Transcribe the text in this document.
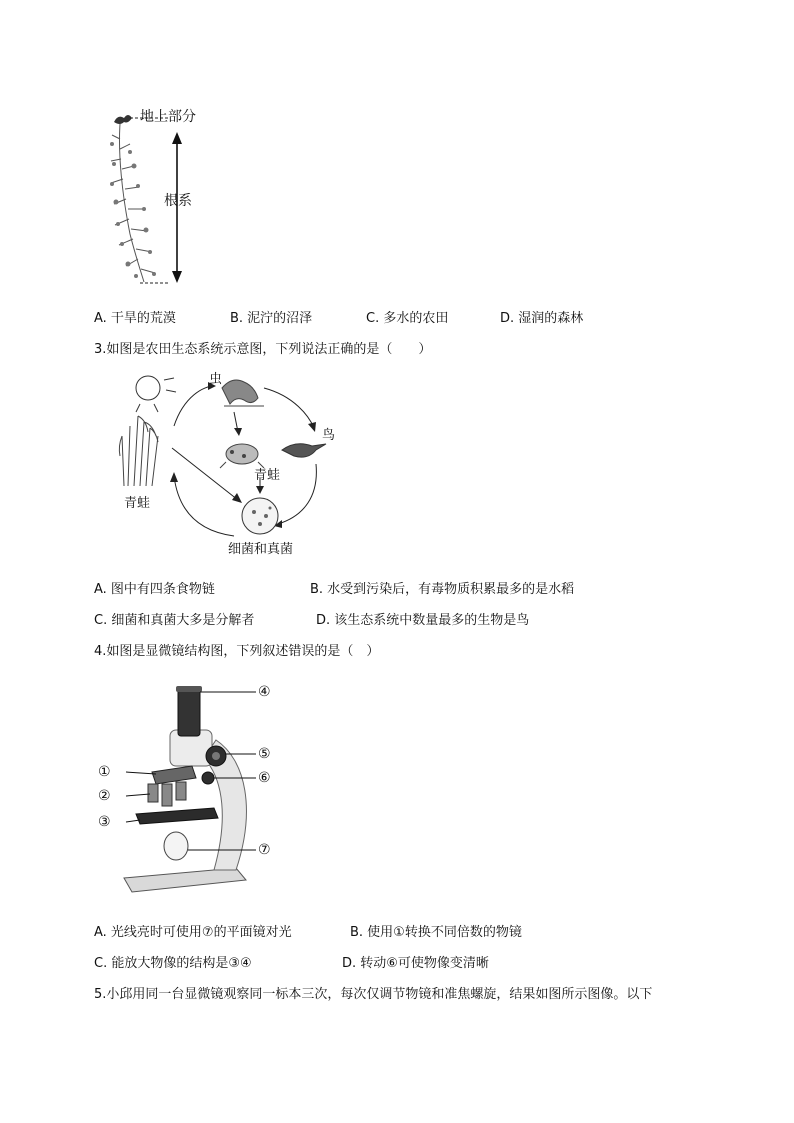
地上部分
根系
A. 干旱的荒漠	B. 泥泞的沼泽	C. 多水的农田	D. 湿润的森林
3.如图是农田生态系统示意图，下列说法正确的是（　　）
虫
鸟
青蛙
青蛙
细菌和真菌
A. 图中有四条食物链	B. 水受到污染后，有毒物质积累最多的是水稻
C. 细菌和真菌大多是分解者	D. 该生态系统中数量最多的生物是鸟
4.如图是显微镜结构图，下列叙述错误的是（　）
④
⑤
⑥
①
②
③
⑦
A. 光线亮时可使用⑦的平面镜对光	B. 使用①转换不同倍数的物镜
C. 能放大物像的结构是③④	D. 转动⑥可使物像变清晰
5.小邱用同一台显微镜观察同一标本三次，每次仅调节物镜和准焦螺旋，结果如图所示图像。以下
